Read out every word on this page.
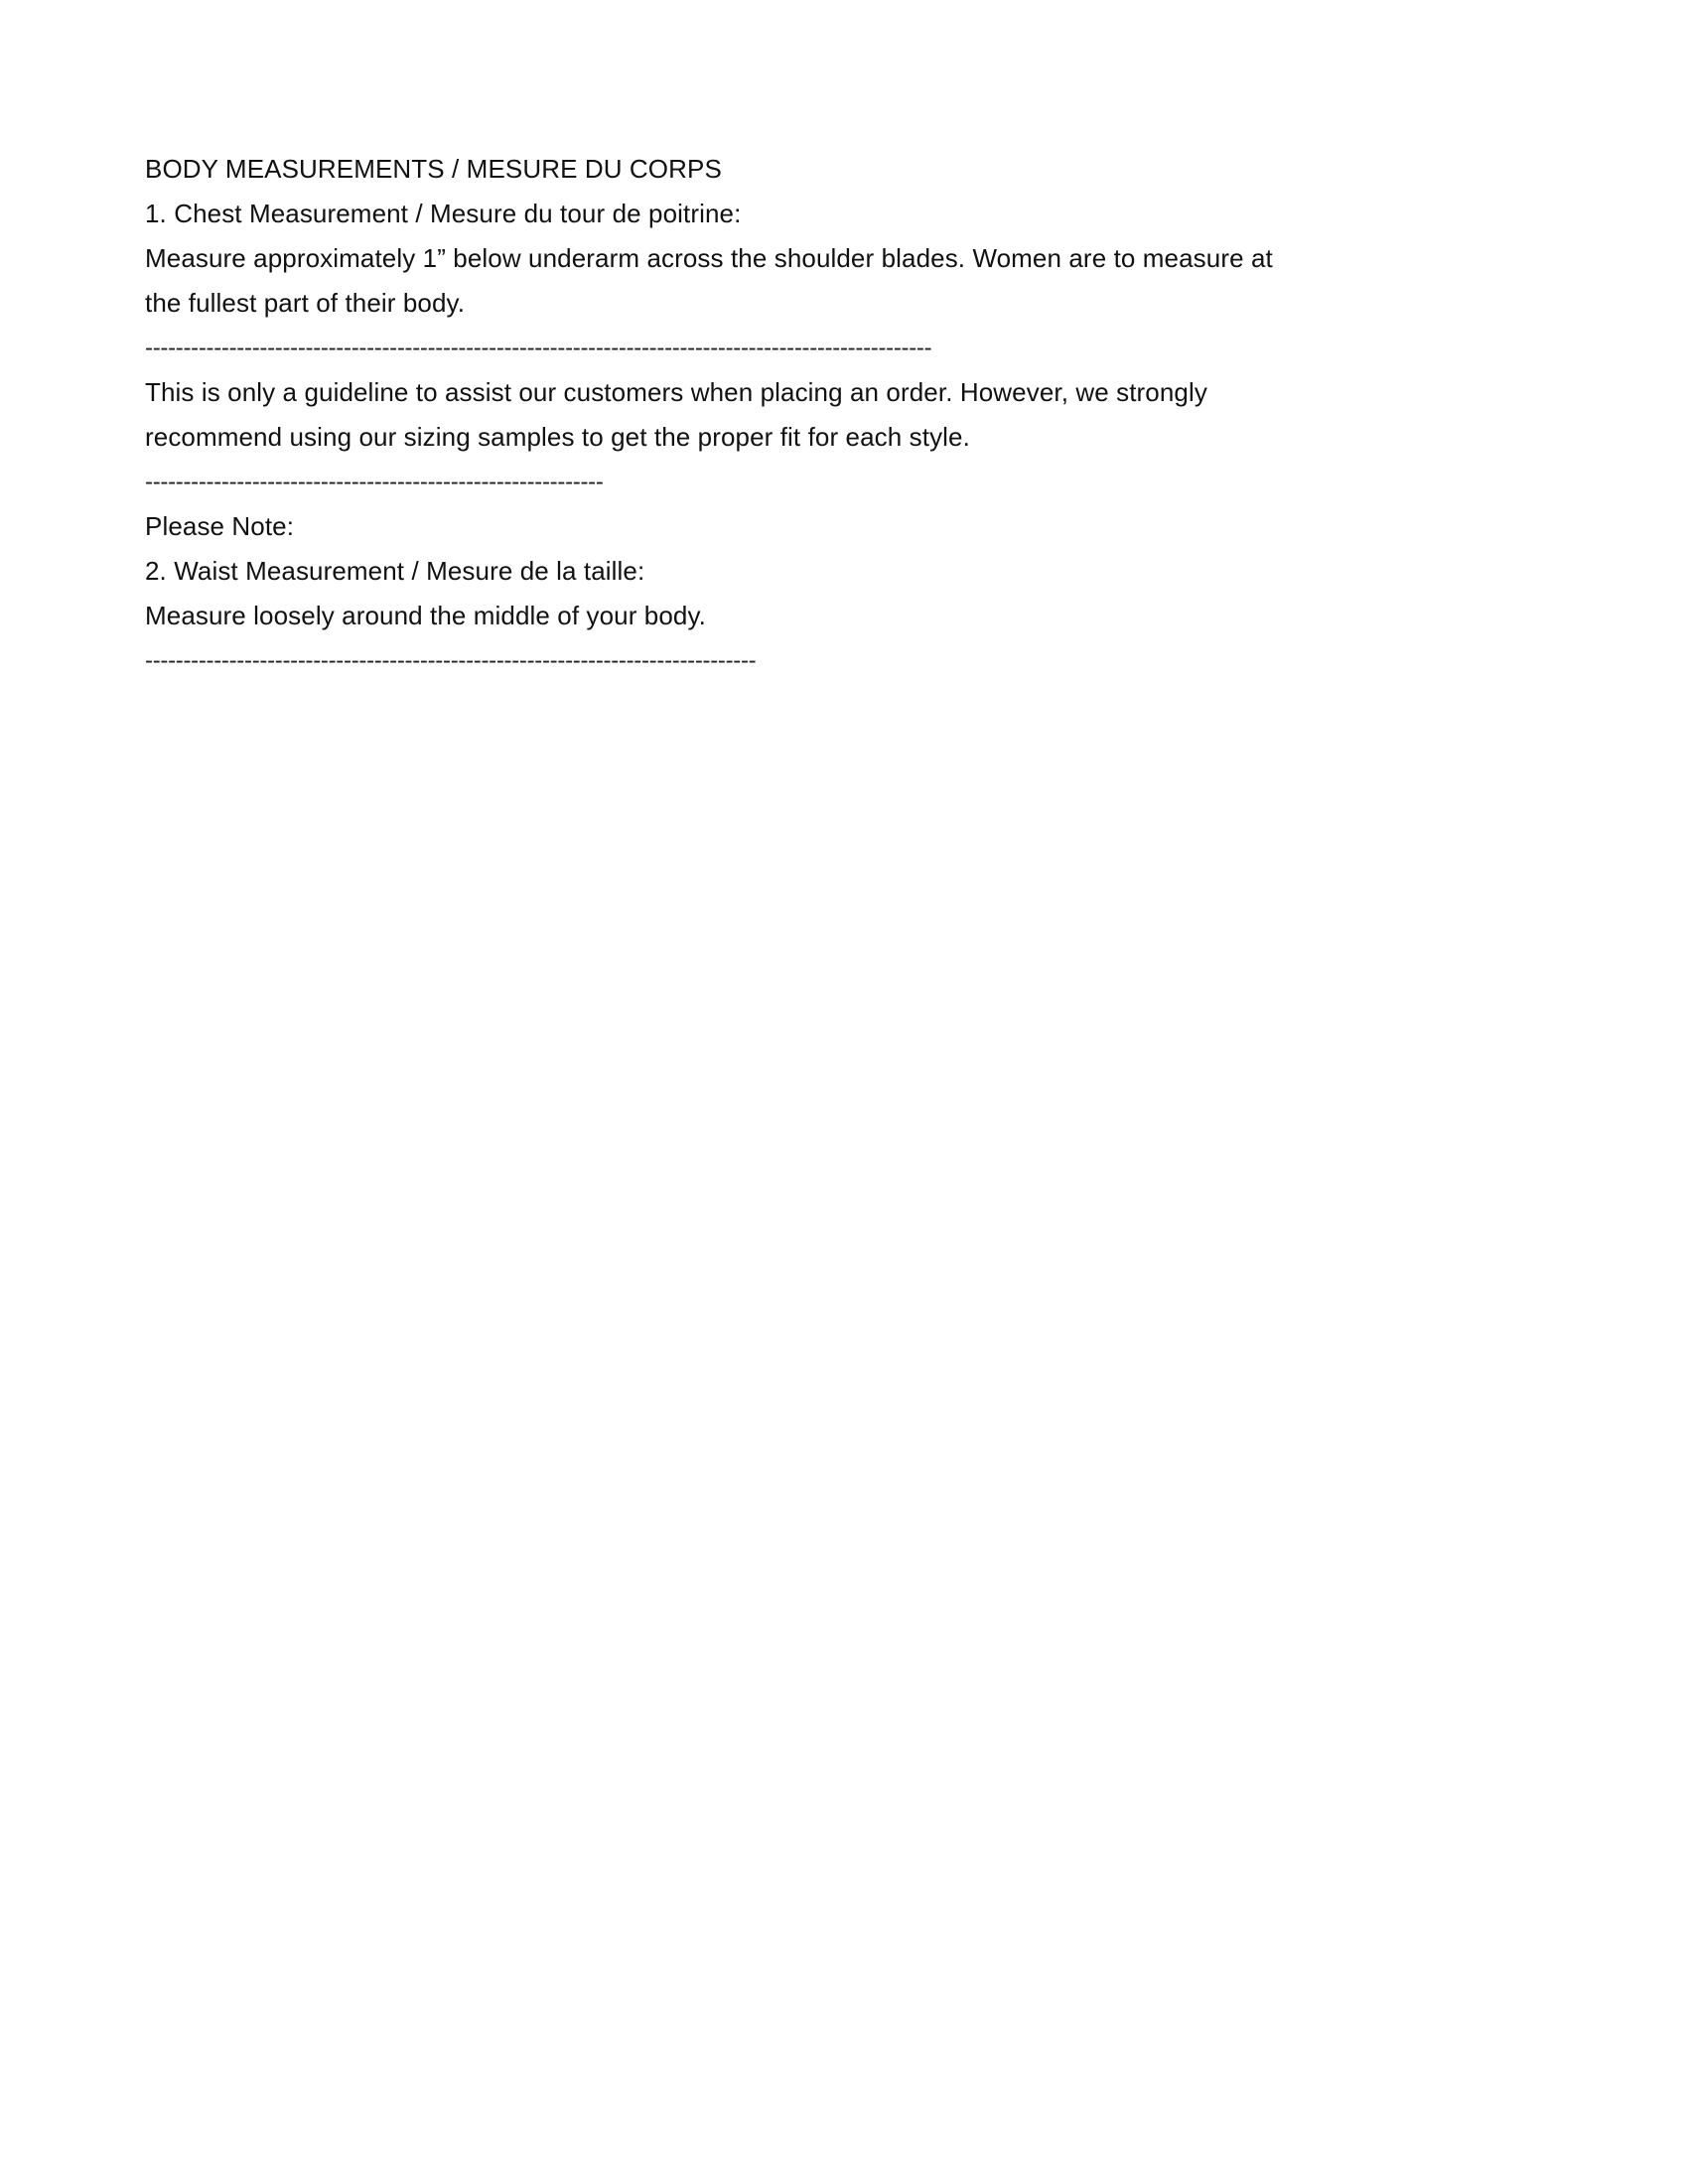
BODY MEASUREMENTS / MESURE DU CORPS
1. Chest Measurement / Mesure du tour de poitrine:
Measure approximately 1” below underarm across the shoulder blades. Women are to measure at the fullest part of their body.
-------------------------------------------------------------------------------------------------------
This is only a guideline to assist our customers when placing an order. However, we strongly recommend using our sizing samples to get the proper fit for each style.
------------------------------------------------------------
Please Note:
2. Waist Measurement / Mesure de la taille:
Measure loosely around the middle of your body.
--------------------------------------------------------------------------------
